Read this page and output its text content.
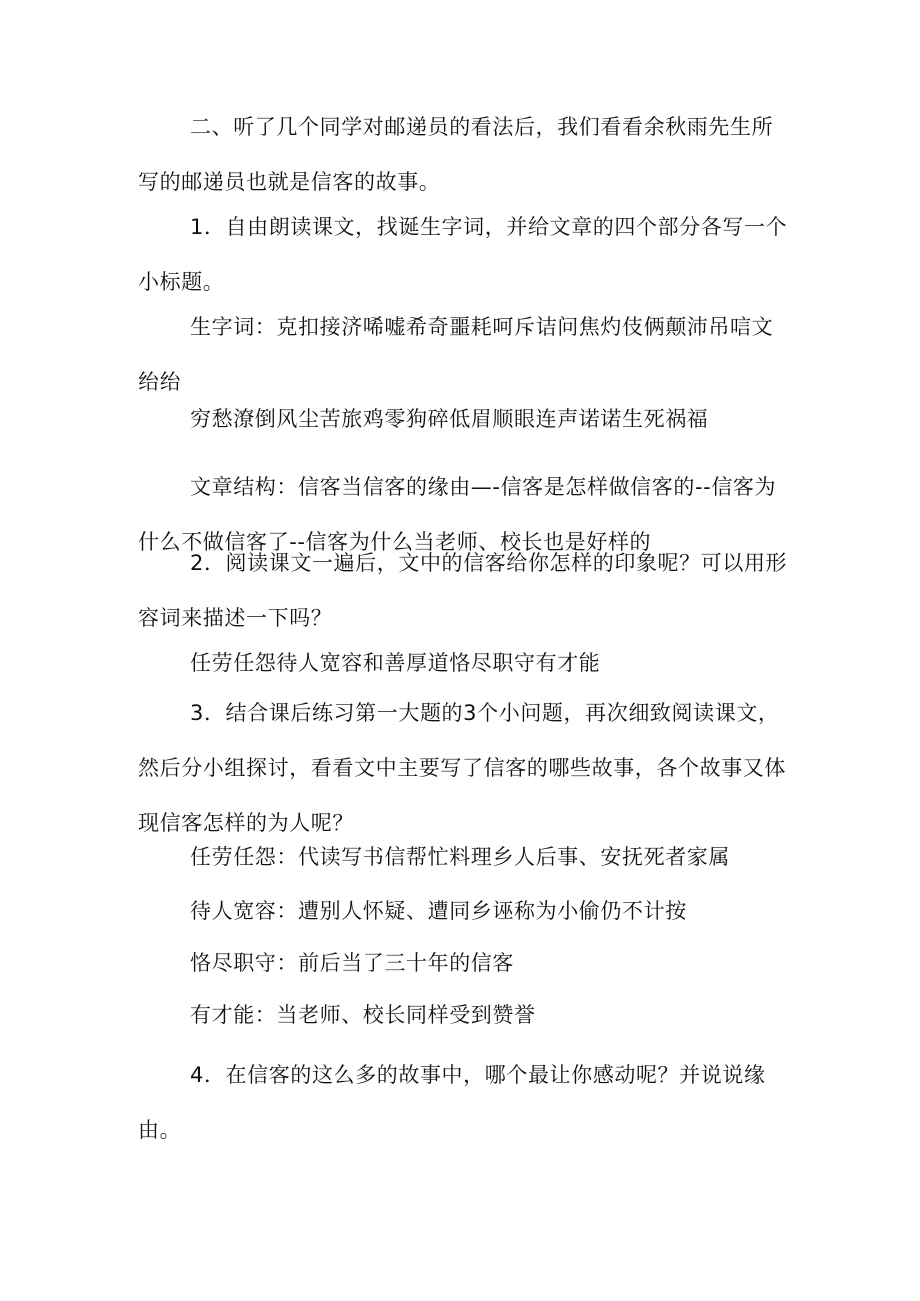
二、听了几个同学对邮递员的看法后，我们看看余秋雨先生所写的邮递员也就是信客的故事。

1．自由朗读课文，找诞生字词，并给文章的四个部分各写一个小标题。

生字词：克扣接济唏嘘希奇噩耗呵斥诘问焦灼伎俩颠沛吊唁文绐绐

穷愁潦倒风尘苦旅鸡零狗碎低眉顺眼连声诺诺生死祸福

文章结构：信客当信客的缘由—-信客是怎样做信客的--信客为什么不做信客了--信客为什么当老师、校长也是好样的

2．阅读课文一遍后，文中的信客给你怎样的印象呢？可以用形容词来描述一下吗？

任劳任怨待人宽容和善厚道恪尽职守有才能

3．结合课后练习第一大题的3个小问题，再次细致阅读课文，然后分小组探讨，看看文中主要写了信客的哪些故事，各个故事又体现信客怎样的为人呢？

任劳任怨：代读写书信帮忙料理乡人后事、安抚死者家属

待人宽容：遭别人怀疑、遭同乡诬称为小偷仍不计按

恪尽职守：前后当了三十年的信客

有才能：当老师、校长同样受到赞誉

4．在信客的这么多的故事中，哪个最让你感动呢？并说说缘由。
